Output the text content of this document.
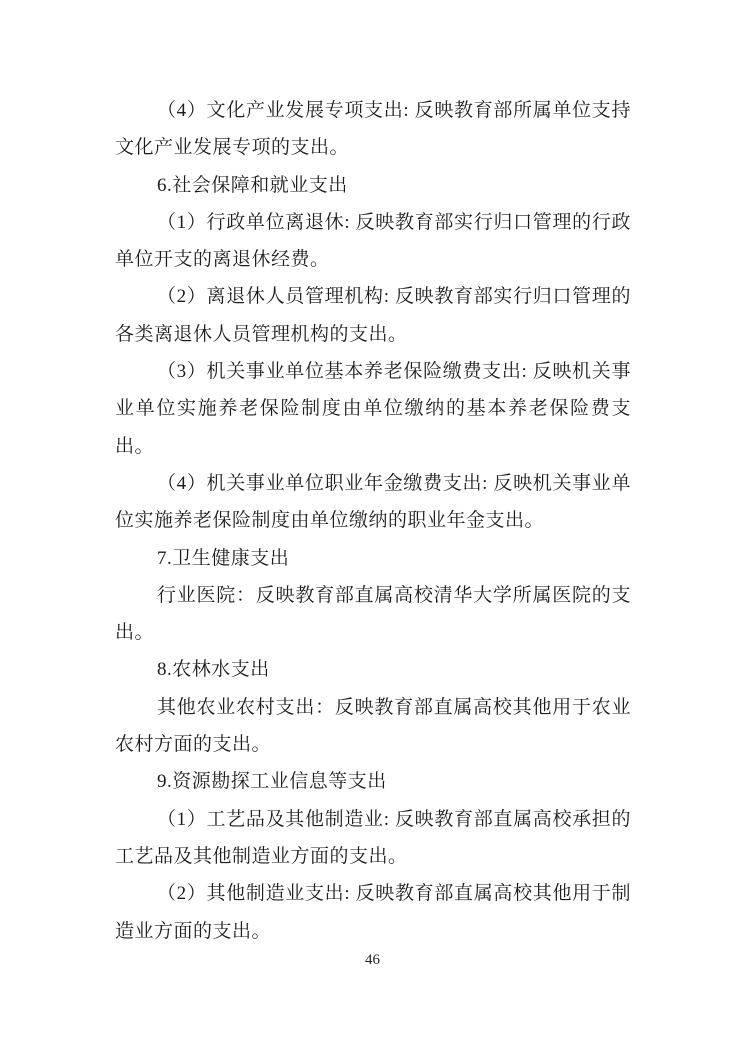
（4）文化产业发展专项支出: 反映教育部所属单位支持
文化产业发展专项的支出。
6.社会保障和就业支出
（1）行政单位离退休: 反映教育部实行归口管理的行政
单位开支的离退休经费。
（2）离退休人员管理机构: 反映教育部实行归口管理的
各类离退休人员管理机构的支出。
（3）机关事业单位基本养老保险缴费支出: 反映机关事
业单位实施养老保险制度由单位缴纳的基本养老保险费支
出。
（4）机关事业单位职业年金缴费支出: 反映机关事业单
位实施养老保险制度由单位缴纳的职业年金支出。
7.卫生健康支出
行业医院：反映教育部直属高校清华大学所属医院的支
出。
8.农林水支出
其他农业农村支出：反映教育部直属高校其他用于农业
农村方面的支出。
9.资源勘探工业信息等支出
（1）工艺品及其他制造业: 反映教育部直属高校承担的
工艺品及其他制造业方面的支出。
（2）其他制造业支出: 反映教育部直属高校其他用于制
造业方面的支出。
46
